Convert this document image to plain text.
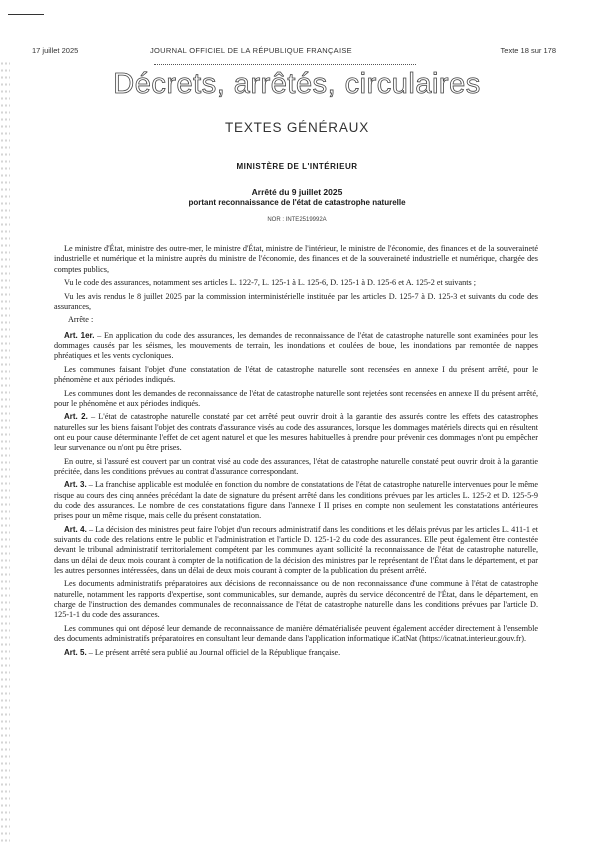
17 juillet 2025	JOURNAL OFFICIEL DE LA RÉPUBLIQUE FRANÇAISE	Texte 18 sur 178
Décrets, arrêtés, circulaires
TEXTES GÉNÉRAUX
MINISTÈRE DE L'INTÉRIEUR
Arrêté du 9 juillet 2025
portant reconnaissance de l'état de catastrophe naturelle
NOR : INTE2519992A

Le ministre d'État, ministre des outre-mer, le ministre d'État, ministre de l'intérieur, le ministre de l'économie, des finances et de la souveraineté industrielle et numérique et la ministre auprès du ministre de l'économie, des finances et de la souveraineté industrielle et numérique, chargée des comptes publics,

Vu le code des assurances, notamment ses articles L. 122-7, L. 125-1 à L. 125-6, D. 125-1 à D. 125-6 et A. 125-2 et suivants ;

Vu les avis rendus le 8 juillet 2025 par la commission interministérielle instituée par les articles D. 125-7 à D. 125-3 et suivants du code des assurances,

Arrête :

Art. 1er. – En application du code des assurances, les demandes de reconnaissance de l'état de catastrophe naturelle sont examinées pour les dommages causés par les séismes, les mouvements de terrain, les inondations et coulées de boue, les inondations par remontée de nappes phréatiques et les vents cycloniques.

Les communes faisant l'objet d'une constatation de l'état de catastrophe naturelle sont recensées en annexe I du présent arrêté, pour le phénomène et aux périodes indiqués.

Les communes dont les demandes de reconnaissance de l'état de catastrophe naturelle sont rejetées sont recensées en annexe II du présent arrêté, pour le phénomène et aux périodes indiqués.

Art. 2. – L'état de catastrophe naturelle constaté par cet arrêté peut ouvrir droit à la garantie des assurés contre les effets des catastrophes naturelles sur les biens faisant l'objet des contrats d'assurance visés au code des assurances, lorsque les dommages matériels directs qui en résultent ont eu pour cause déterminante l'effet de cet agent naturel et que les mesures habituelles à prendre pour prévenir ces dommages n'ont pu empêcher leur survenance ou n'ont pu être prises.

En outre, si l'assuré est couvert par un contrat visé au code des assurances, l'état de catastrophe naturelle constaté peut ouvrir droit à la garantie précitée, dans les conditions prévues au contrat d'assurance correspondant.

Art. 3. – La franchise applicable est modulée en fonction du nombre de constatations de l'état de catastrophe naturelle intervenues pour le même risque au cours des cinq années précédant la date de signature du présent arrêté dans les conditions prévues par les articles L. 125-2 et D. 125-5-9 du code des assurances. Le nombre de ces constatations figure dans l'annexe I II prises en compte non seulement les constatations antérieures prises pour un même risque, mais celle du présent constatation.

Art. 4. – La décision des ministres peut faire l'objet d'un recours administratif dans les conditions et les délais prévus par les articles L. 411-1 et suivants du code des relations entre le public et l'administration et l'article D. 125-1-2 du code des assurances. Elle peut également être contestée devant le tribunal administratif territorialement compétent par les communes ayant sollicité la reconnaissance de l'état de catastrophe naturelle, dans un délai de deux mois courant à compter de la notification de la décision des ministres par le représentant de l'État dans le département, et par les autres personnes intéressées, dans un délai de deux mois courant à compter de la publication du présent arrêté.

Les documents administratifs préparatoires aux décisions de reconnaissance ou de non reconnaissance d'une commune à l'état de catastrophe naturelle, notamment les rapports d'expertise, sont communicables, sur demande, auprès du service déconcentré de l'État, dans le département, en charge de l'instruction des demandes communales de reconnaissance de l'état de catastrophe naturelle dans les conditions prévues par l'article D. 125-1-1 du code des assurances.

Les communes qui ont déposé leur demande de reconnaissance de manière dématérialisée peuvent également accéder directement à l'ensemble des documents administratifs préparatoires en consultant leur demande dans l'application informatique iCatNat (https://icatnat.interieur.gouv.fr).

Art. 5. – Le présent arrêté sera publié au Journal officiel de la République française.
